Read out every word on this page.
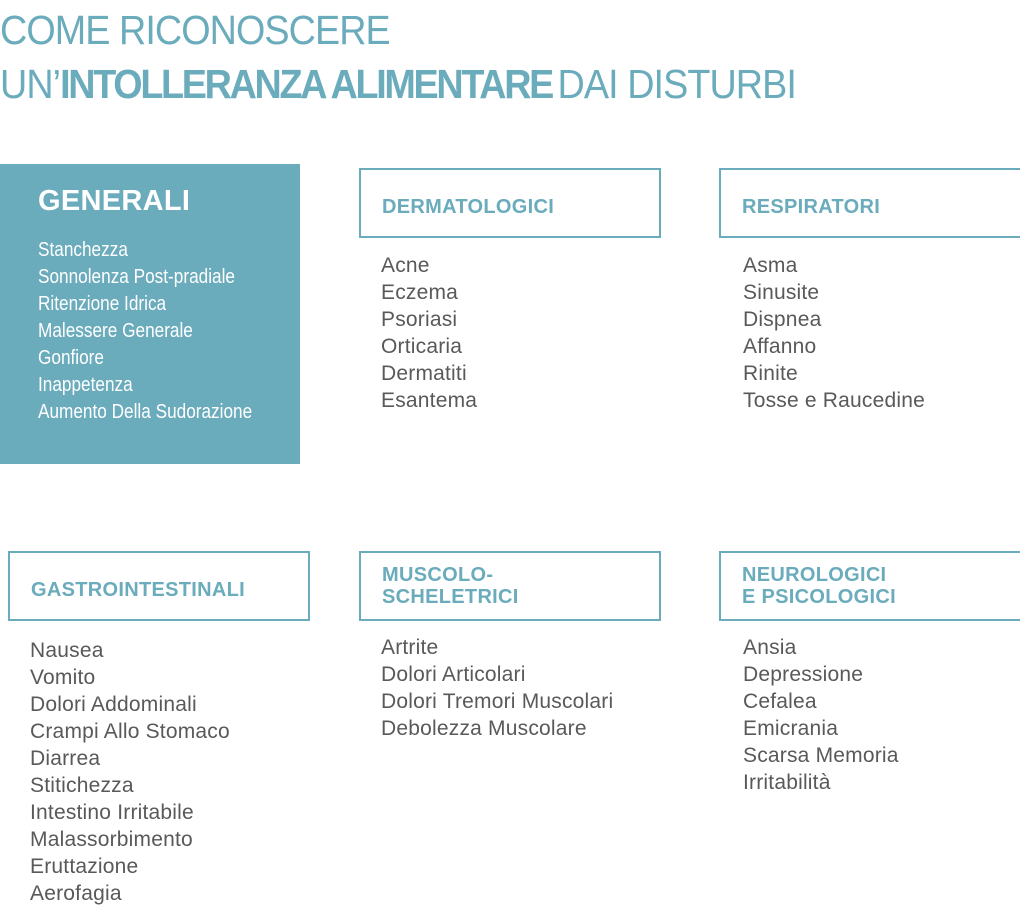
COME RICONOSCERE
UN’INTOLLERANZA ALIMENTARE DAI DISTURBI
GENERALI
Stanchezza
Sonnolenza Post-pradiale
Ritenzione Idrica
Malessere Generale
Gonfiore
Inappetenza
Aumento Della Sudorazione
DERMATOLOGICI
Acne
Eczema
Psoriasi
Orticaria
Dermatiti
Esantema
RESPIRATORI
Asma
Sinusite
Dispnea
Affanno
Rinite
Tosse e Raucedine
GASTROINTESTINALI
Nausea
Vomito
Dolori Addominali
Crampi Allo Stomaco
Diarrea
Stitichezza
Intestino Irritabile
Malassorbimento
Eruttazione
Aerofagia
MUSCOLO-
SCHELETRICI
Artrite
Dolori Articolari
Dolori Tremori Muscolari
Debolezza Muscolare
NEUROLOGICI
E PSICOLOGICI
Ansia
Depressione
Cefalea
Emicrania
Scarsa Memoria
Irritabilità
